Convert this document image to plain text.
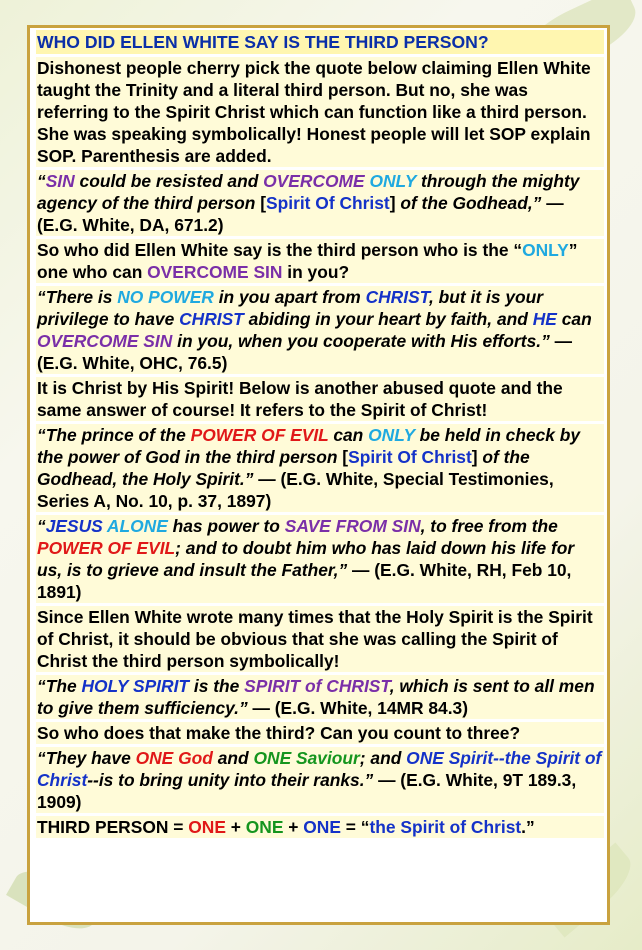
WHO DID ELLEN WHITE SAY IS THE THIRD PERSON?
Dishonest people cherry pick the quote below claiming Ellen White taught the Trinity and a literal third person. But no, she was referring to the Spirit Christ which can function like a third person. She was speaking symbolically! Honest people will let SOP explain SOP. Parenthesis are added.
“SIN could be resisted and OVERCOME ONLY through the mighty agency of the third person [Spirit Of Christ] of the Godhead,” — (E.G. White, DA, 671.2)
So who did Ellen White say is the third person who is the “ONLY” one who can OVERCOME SIN in you?
“There is NO POWER in you apart from CHRIST, but it is your privilege to have CHRIST abiding in your heart by faith, and HE can OVERCOME SIN in you, when you cooperate with His efforts.” — (E.G. White, OHC, 76.5)
It is Christ by His Spirit! Below is another abused quote and the same answer of course! It refers to the Spirit of Christ!
“The prince of the POWER OF EVIL can ONLY be held in check by the power of God in the third person [Spirit Of Christ] of the Godhead, the Holy Spirit.” — (E.G. White, Special Testimonies, Series A, No. 10, p. 37, 1897)
“JESUS ALONE has power to SAVE FROM SIN, to free from the POWER OF EVIL; and to doubt him who has laid down his life for us, is to grieve and insult the Father,” — (E.G. White, RH, Feb 10, 1891)
Since Ellen White wrote many times that the Holy Spirit is the Spirit of Christ, it should be obvious that she was calling the Spirit of Christ the third person symbolically!
“The HOLY SPIRIT is the SPIRIT of CHRIST, which is sent to all men to give them sufficiency.” — (E.G. White, 14MR 84.3)
So who does that make the third? Can you count to three?
“They have ONE God and ONE Saviour; and ONE Spirit--the Spirit of Christ--is to bring unity into their ranks.” — (E.G. White, 9T 189.3, 1909)
THIRD PERSON = ONE + ONE + ONE = “the Spirit of Christ.”
